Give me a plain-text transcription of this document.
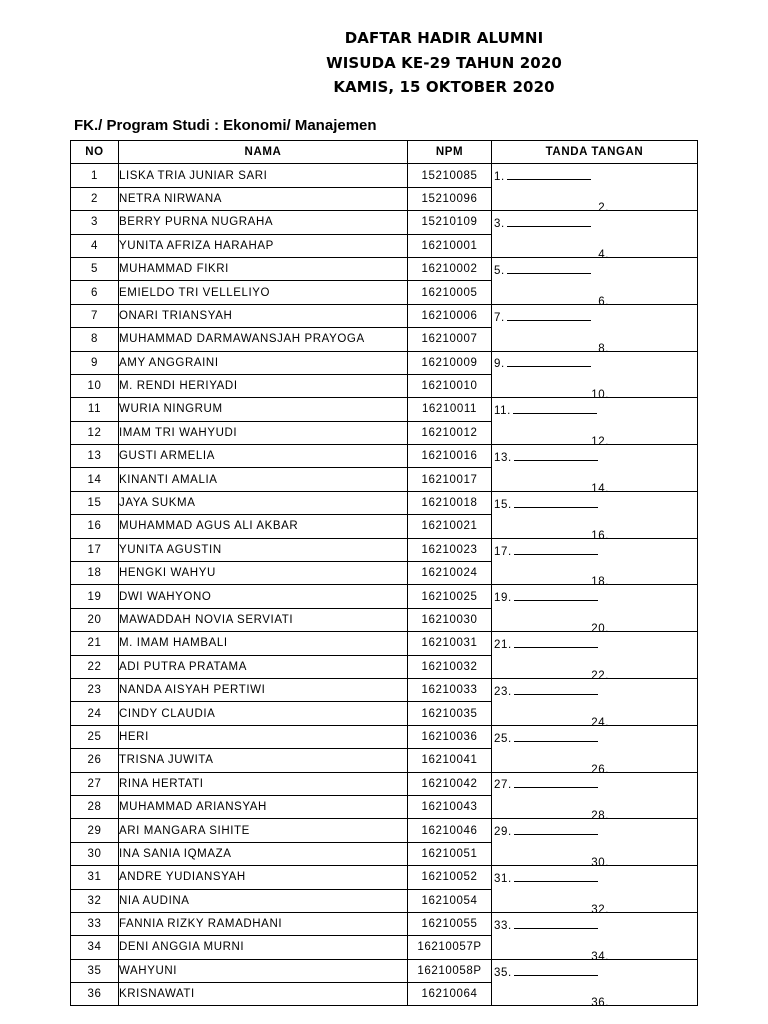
DAFTAR HADIR ALUMNI
WISUDA KE-29 TAHUN 2020
KAMIS, 15 OKTOBER 2020
FK./ Program Studi : Ekonomi/ Manajemen
NO	NAMA	NPM	TANDA TANGAN
1	LISKA TRIA JUNIAR SARI	15210085	1.

2	NETRA NIRWANA	15210096	2.

3	BERRY PURNA NUGRAHA	15210109	3.

4	YUNITA AFRIZA HARAHAP	16210001	4.

5	MUHAMMAD FIKRI	16210002	5.

6	EMIELDO TRI VELLELIYO	16210005	6.

7	ONARI TRIANSYAH	16210006	7.

8	MUHAMMAD DARMAWANSJAH PRAYOGA	16210007	8.

9	AMY ANGGRAINI	16210009	9.

10	M. RENDI HERIYADI	16210010	10.

11	WURIA NINGRUM	16210011	11.

12	IMAM TRI WAHYUDI	16210012	12.

13	GUSTI ARMELIA	16210016	13.

14	KINANTI AMALIA	16210017	14.

15	JAYA SUKMA	16210018	15.

16	MUHAMMAD AGUS ALI AKBAR	16210021	16.

17	YUNITA AGUSTIN	16210023	17.

18	HENGKI WAHYU	16210024	18.

19	DWI WAHYONO	16210025	19.

20	MAWADDAH NOVIA SERVIATI	16210030	20.

21	M. IMAM HAMBALI	16210031	21.

22	ADI PUTRA PRATAMA	16210032	22.

23	NANDA AISYAH PERTIWI	16210033	23.

24	CINDY CLAUDIA	16210035	24.

25	HERI	16210036	25.

26	TRISNA JUWITA	16210041	26.

27	RINA HERTATI	16210042	27.

28	MUHAMMAD ARIANSYAH	16210043	28.

29	ARI MANGARA SIHITE	16210046	29.

30	INA SANIA IQMAZA	16210051	30.

31	ANDRE YUDIANSYAH	16210052	31.

32	NIA AUDINA	16210054	32.

33	FANNIA RIZKY RAMADHANI	16210055	33.

34	DENI ANGGIA MURNI	16210057P	34.

35	WAHYUNI	16210058P	35.

36	KRISNAWATI	16210064	36.
